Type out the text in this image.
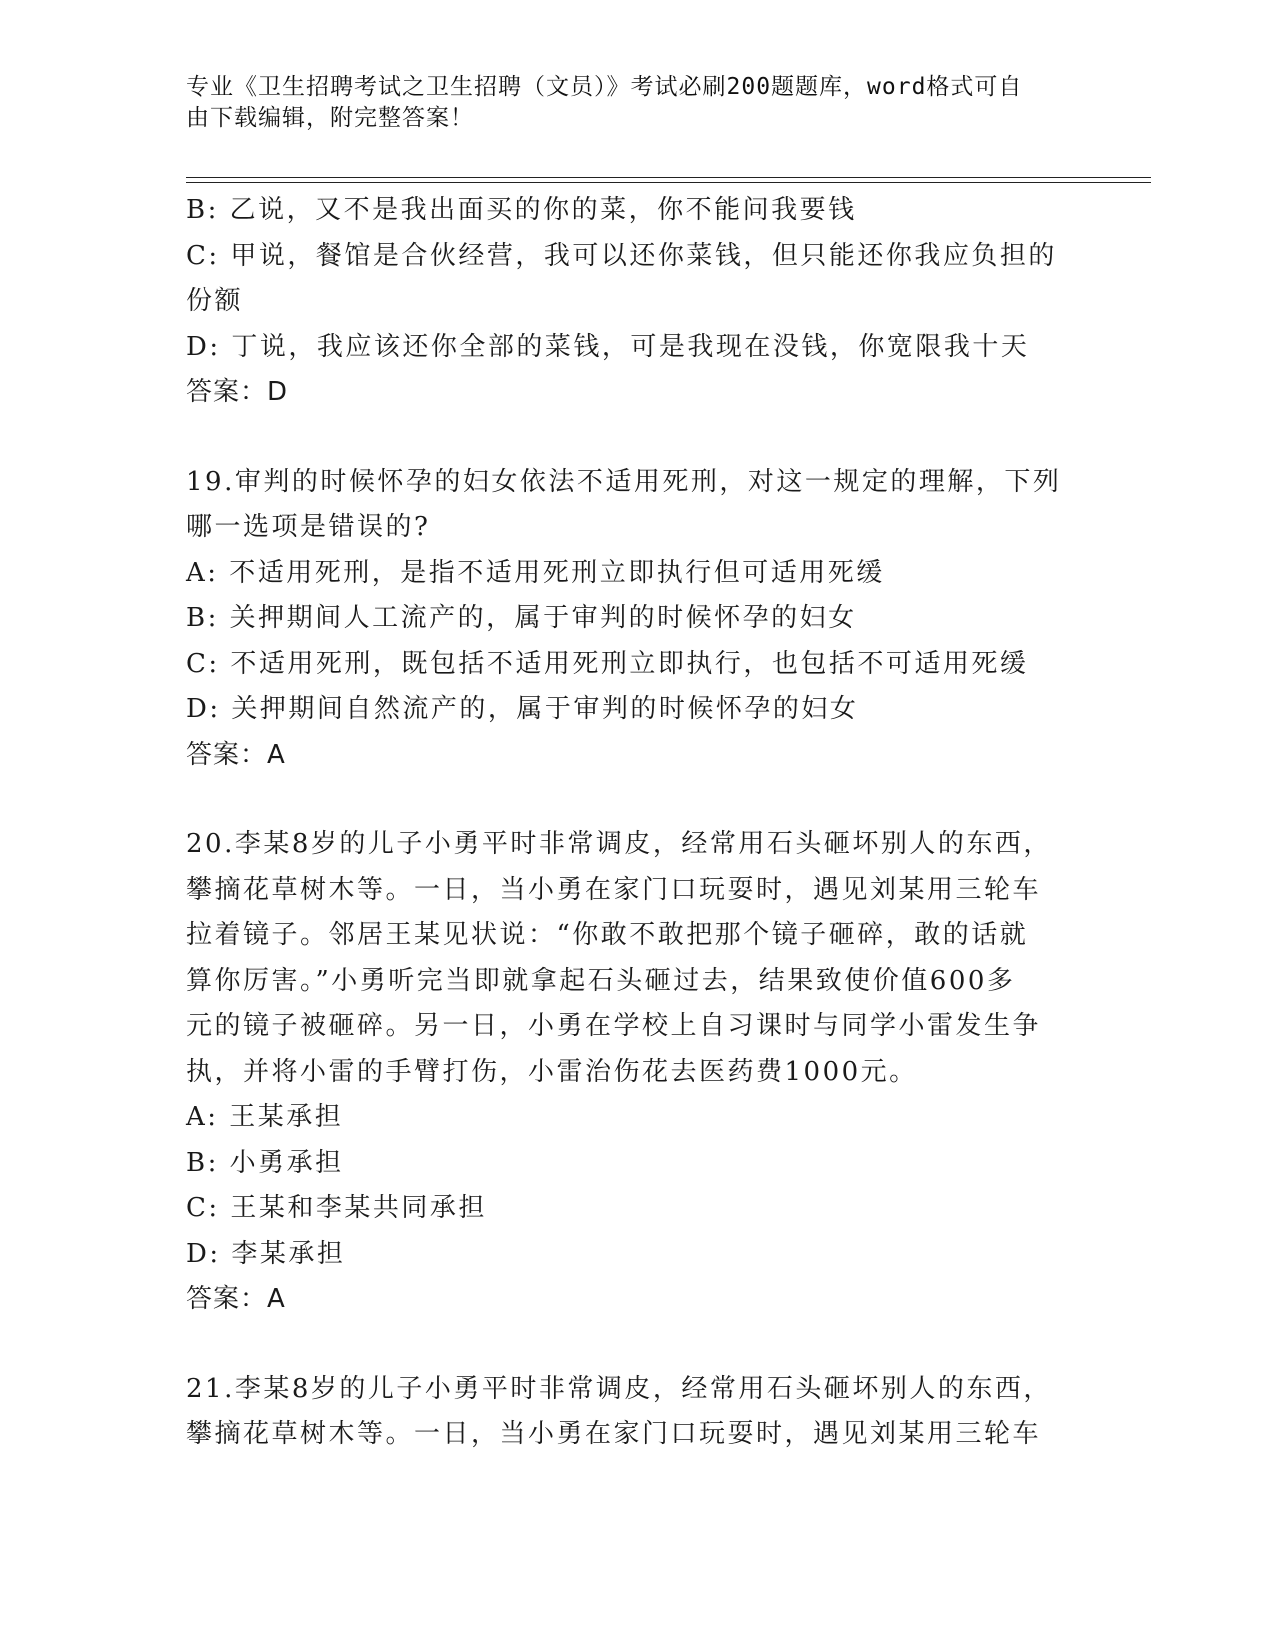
专业《卫生招聘考试之卫生招聘（文员）》考试必刷200题题库，word格式可自
由下载编辑，附完整答案！
B: 乙说，又不是我出面买的你的菜，你不能问我要钱
C: 甲说，餐馆是合伙经营，我可以还你菜钱，但只能还你我应负担的
份额
D: 丁说，我应该还你全部的菜钱，可是我现在没钱，你宽限我十天
答案：D
19.审判的时候怀孕的妇女依法不适用死刑，对这一规定的理解，下列
哪一选项是错误的?
A: 不适用死刑，是指不适用死刑立即执行但可适用死缓
B: 关押期间人工流产的，属于审判的时候怀孕的妇女
C: 不适用死刑，既包括不适用死刑立即执行，也包括不可适用死缓
D: 关押期间自然流产的，属于审判的时候怀孕的妇女
答案：A
20.李某8岁的儿子小勇平时非常调皮，经常用石头砸坏别人的东西，
攀摘花草树木等。一日，当小勇在家门口玩耍时，遇见刘某用三轮车
拉着镜子。邻居王某见状说：“你敢不敢把那个镜子砸碎，敢的话就
算你厉害。”小勇听完当即就拿起石头砸过去，结果致使价值600多
元的镜子被砸碎。另一日，小勇在学校上自习课时与同学小雷发生争
执，并将小雷的手臂打伤，小雷治伤花去医药费1000元。
A: 王某承担
B: 小勇承担
C: 王某和李某共同承担
D: 李某承担
答案：A
21.李某8岁的儿子小勇平时非常调皮，经常用石头砸坏别人的东西，
攀摘花草树木等。一日，当小勇在家门口玩耍时，遇见刘某用三轮车
